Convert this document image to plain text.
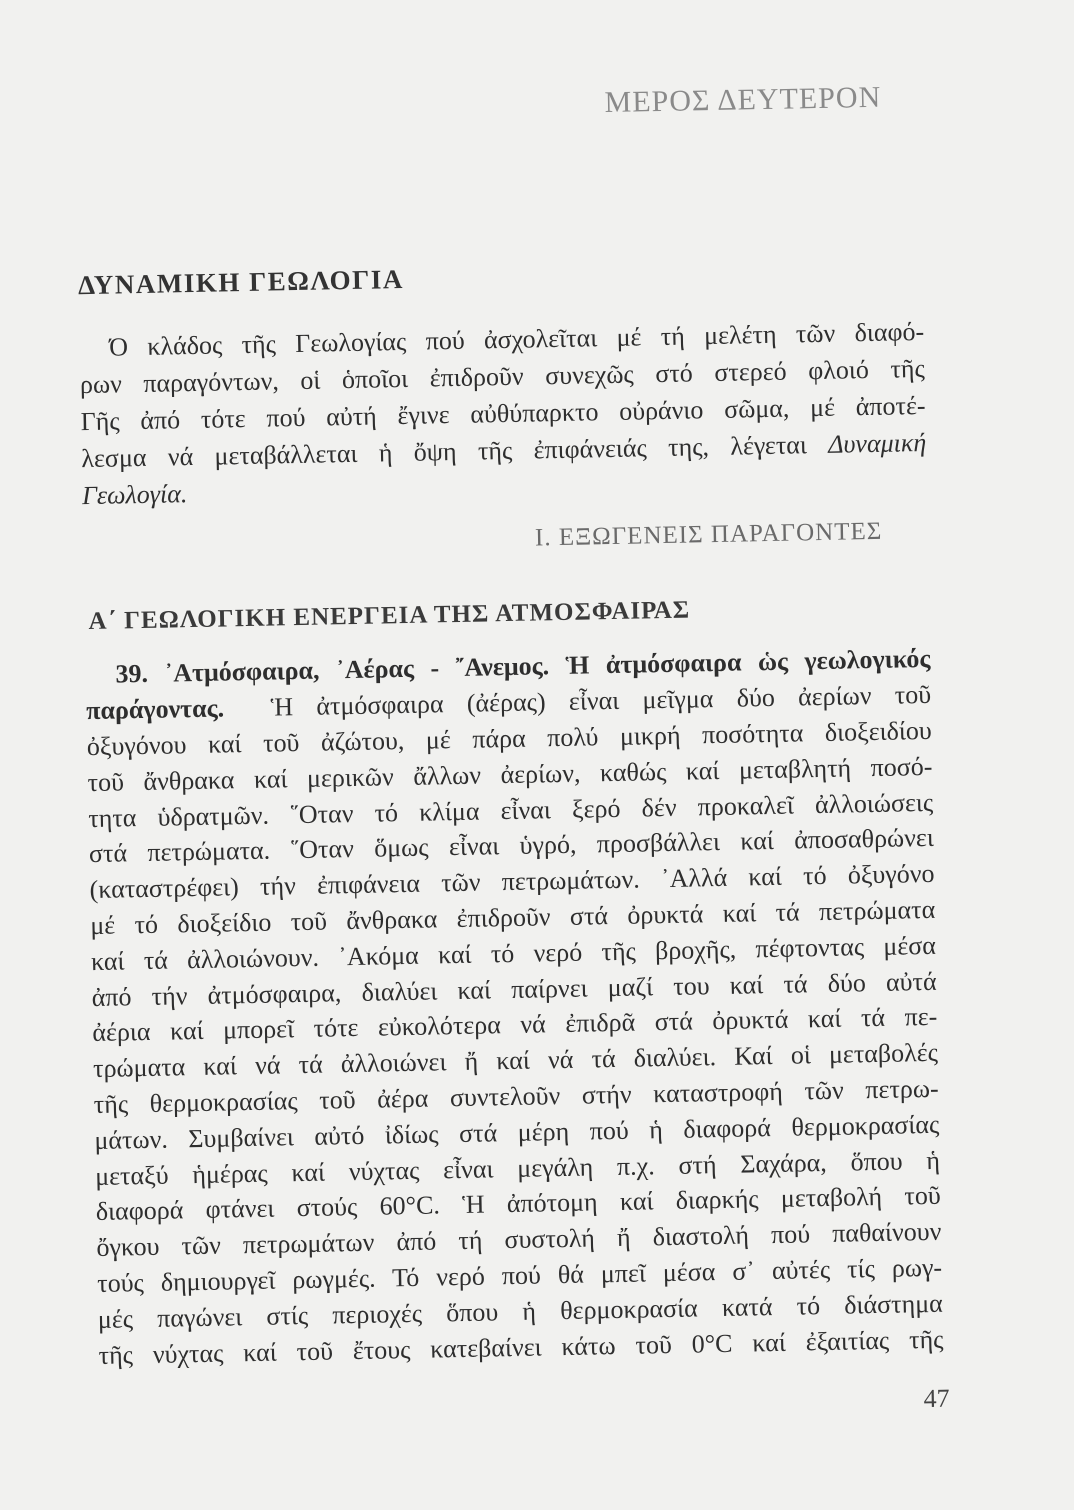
ΜΕΡΟΣ ΔΕΥΤΕΡΟΝ
ΔΥΝΑΜΙΚΗ ΓΕΩΛΟΓΙΑ
Ό κλάδος τῆς Γεωλογίας πού ἀσχολεῖται μέ τή μελέτη τῶν διαφό-
ρων παραγόντων, οἱ ὁποῖοι ἐπιδροῦν συνεχῶς στό στερεό φλοιό τῆς
Γῆς ἀπό τότε πού αὐτή ἔγινε αὐθύπαρκτο οὐράνιο σῶμα, μέ ἀποτέ-
λεσμα νά μεταβάλλεται ἡ ὄψη τῆς ἐπιφάνειάς της, λέγεται Δυναμική
Γεωλογία.
Ι. ΕΞΩΓΕΝΕΙΣ ΠΑΡΑΓΟΝΤΕΣ
Α΄ ΓΕΩΛΟΓΙΚΗ ΕΝΕΡΓΕΙΑ ΤΗΣ ΑΤΜΟΣΦΑΙΡΑΣ
39. ᾿Ατμόσφαιρα, ᾿Αέρας - ῎Ανεμος. Ἡ ἀτμόσφαιρα ὡς γεωλογικός
παράγοντας. Ἡ ἀτμόσφαιρα (ἀέρας) εἶναι μεῖγμα δύο ἀερίων τοῦ
ὀξυγόνου καί τοῦ ἀζώτου, μέ πάρα πολύ μικρή ποσότητα διοξειδίου
τοῦ ἄνθρακα καί μερικῶν ἄλλων ἀερίων, καθώς καί μεταβλητή ποσό-
τητα ὑδρατμῶν. ῞Οταν τό κλίμα εἶναι ξερό δέν προκαλεῖ ἀλλοιώσεις
στά πετρώματα. ῞Οταν ὅμως εἶναι ὑγρό, προσβάλλει καί ἀποσαθρώνει
(καταστρέφει) τήν ἐπιφάνεια τῶν πετρωμάτων. ᾿Αλλά καί τό ὀξυγόνο
μέ τό διοξείδιο τοῦ ἄνθρακα ἐπιδροῦν στά ὀρυκτά καί τά πετρώματα
καί τά ἀλλοιώνουν. ᾿Ακόμα καί τό νερό τῆς βροχῆς, πέφτοντας μέσα
ἀπό τήν ἀτμόσφαιρα, διαλύει καί παίρνει μαζί του καί τά δύο αὐτά
ἀέρια καί μπορεῖ τότε εὐκολότερα νά ἐπιδρᾶ στά ὀρυκτά καί τά πε-
τρώματα καί νά τά ἀλλοιώνει ἤ καί νά τά διαλύει. Καί οἱ μεταβολές
τῆς θερμοκρασίας τοῦ ἀέρα συντελοῦν στήν καταστροφή τῶν πετρω-
μάτων. Συμβαίνει αὐτό ἰδίως στά μέρη πού ἡ διαφορά θερμοκρασίας
μεταξύ ἡμέρας καί νύχτας εἶναι μεγάλη π.χ. στή Σαχάρα, ὅπου ἡ
διαφορά φτάνει στούς 60°C. Ἡ ἀπότομη καί διαρκής μεταβολή τοῦ
ὄγκου τῶν πετρωμάτων ἀπό τή συστολή ἤ διαστολή πού παθαίνουν
τούς δημιουργεῖ ρωγμές. Τό νερό πού θά μπεῖ μέσα σ᾿ αὐτές τίς ρωγ-
μές παγώνει στίς περιοχές ὅπου ἡ θερμοκρασία κατά τό διάστημα
τῆς νύχτας καί τοῦ ἔτους κατεβαίνει κάτω τοῦ 0°C καί ἐξαιτίας τῆς
47
